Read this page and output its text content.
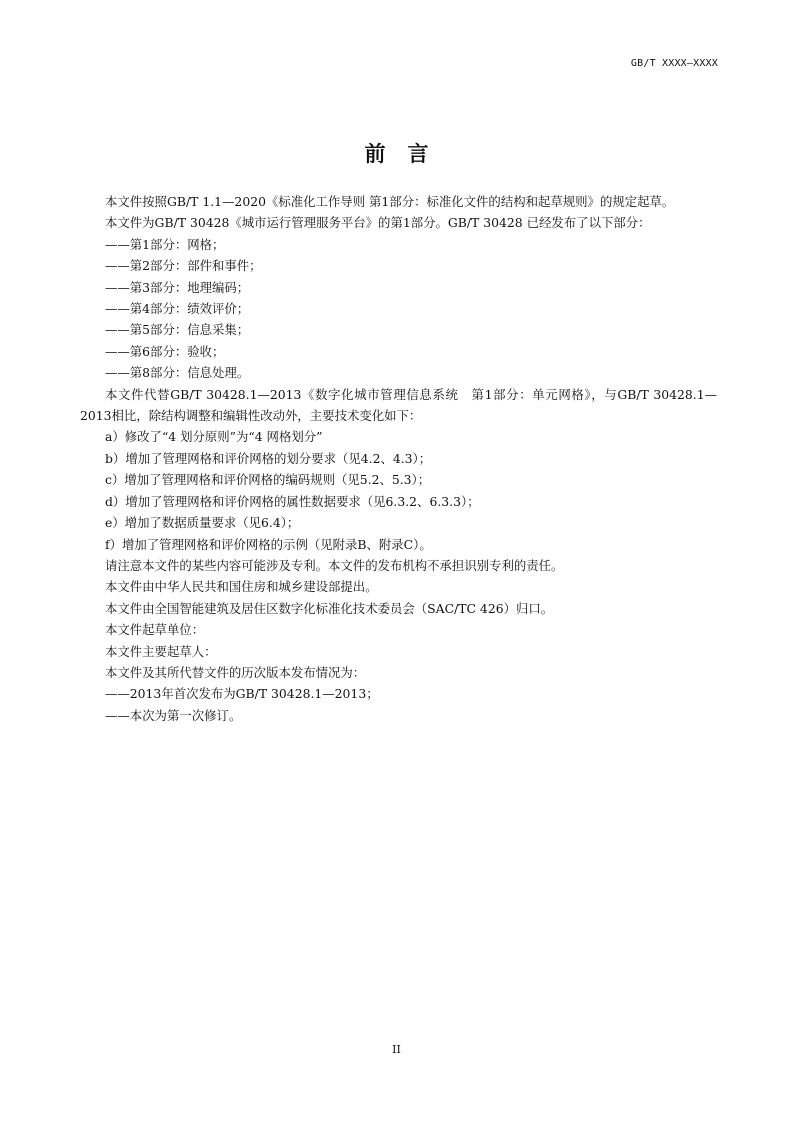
GB/T XXXX—XXXX
前言

本文件按照GB/T 1.1—2020《标准化工作导则 第1部分：标准化文件的结构和起草规则》的规定起草。

本文件为GB/T 30428《城市运行管理服务平台》的第1部分。GB/T 30428 已经发布了以下部分：

——第1部分：网格；

——第2部分：部件和事件；

——第3部分：地理编码；

——第4部分：绩效评价；

——第5部分：信息采集；

——第6部分：验收；

——第8部分：信息处理。

本文件代替GB/T 30428.1—2013《数字化城市管理信息系统　第1部分：单元网格》，与GB/T 30428.1—2013相比，除结构调整和编辑性改动外，主要技术变化如下：

a）修改了“4 划分原则”为“4 网格划分”

b）增加了管理网格和评价网格的划分要求（见4.2、4.3）；

c）增加了管理网格和评价网格的编码规则（见5.2、5.3）；

d）增加了管理网格和评价网格的属性数据要求（见6.3.2、6.3.3）；

e）增加了数据质量要求（见6.4）；

f）增加了管理网格和评价网格的示例（见附录B、附录C）。

请注意本文件的某些内容可能涉及专利。本文件的发布机构不承担识别专利的责任。

本文件由中华人民共和国住房和城乡建设部提出。

本文件由全国智能建筑及居住区数字化标准化技术委员会（SAC/TC 426）归口。

本文件起草单位：

本文件主要起草人：

本文件及其所代替文件的历次版本发布情况为：

——2013年首次发布为GB/T 30428.1—2013；

——本次为第一次修订。

II
